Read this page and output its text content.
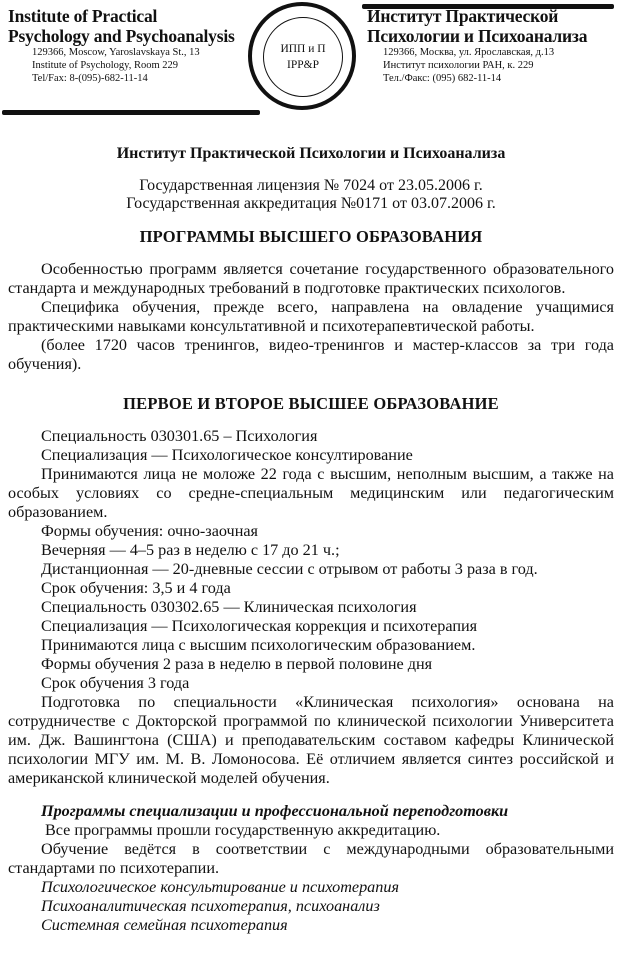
Institute of Practical
Psychology and Psychoanalysis
129366, Moscow, Yaroslavskaya St., 13
Institute of Psychology, Room 229
Tel/Fax: 8-(095)-682-11-14
ИПП и П
IPP&P
Институт Практической
Психологии и Психоанализа
129366, Москва, ул. Ярославская, д.13
Институт психологии РАН, к. 229
Тел./Факс: (095) 682-11-14
Институт Практической Психологии и Психоанализа
Государственная лицензия № 7024 от 23.05.2006 г.
Государственная аккредитация №0171 от 03.07.2006 г.
ПРОГРАММЫ ВЫСШЕГО ОБРАЗОВАНИЯ

Особенностью программ является сочетание государственного образовательного стандарта и международных требований в подготовке практических психологов.

Специфика обучения, прежде всего, направлена на овладение учащимися практическими навыками консультативной и психотерапевтической работы.

(более 1720 часов тренингов, видео-тренингов и мастер-классов за три года обучения).

ПЕРВОЕ И ВТОРОЕ ВЫСШЕЕ ОБРАЗОВАНИЕ
Специальность 030301.65 – Психология
Специализация — Психологическое консултирование

Принимаются лица не моложе 22 года с высшим, неполным высшим, а также на особых условиях со средне-специальным медицинским или педагогическим образованием.

Формы обучения: очно-заочная
Вечерняя — 4–5 раз в неделю с 17 до 21 ч.;
Дистанционная — 20-дневные сессии с отрывом от работы 3 раза в год.
Срок обучения: 3,5 и 4 года
Специальность 030302.65 — Клиническая психология
Специализация — Психологическая коррекция и психотерапия
Принимаются лица с высшим психологическим образованием.
Формы обучения 2 раза в неделю в первой половине дня
Срок обучения 3 года

Подготовка по специальности «Клиническая психология» основана на сотрудничестве с Докторской программой по клинической психологии Университета им. Дж. Вашингтона (США) и преподавательским составом кафедры Клинической психологии МГУ им. М. В. Ломоносова. Её отличием является синтез российской и американской клинической моделей обучения.

Программы специализации и профессиональной переподготовки
Все программы прошли государственную аккредитацию.

Обучение ведётся в соответствии с международными образовательными стандартами по психотерапии.

Психологическое консультирование и психотерапия
Психоаналитическая психотерапия, психоанализ
Системная семейная психотерапия
